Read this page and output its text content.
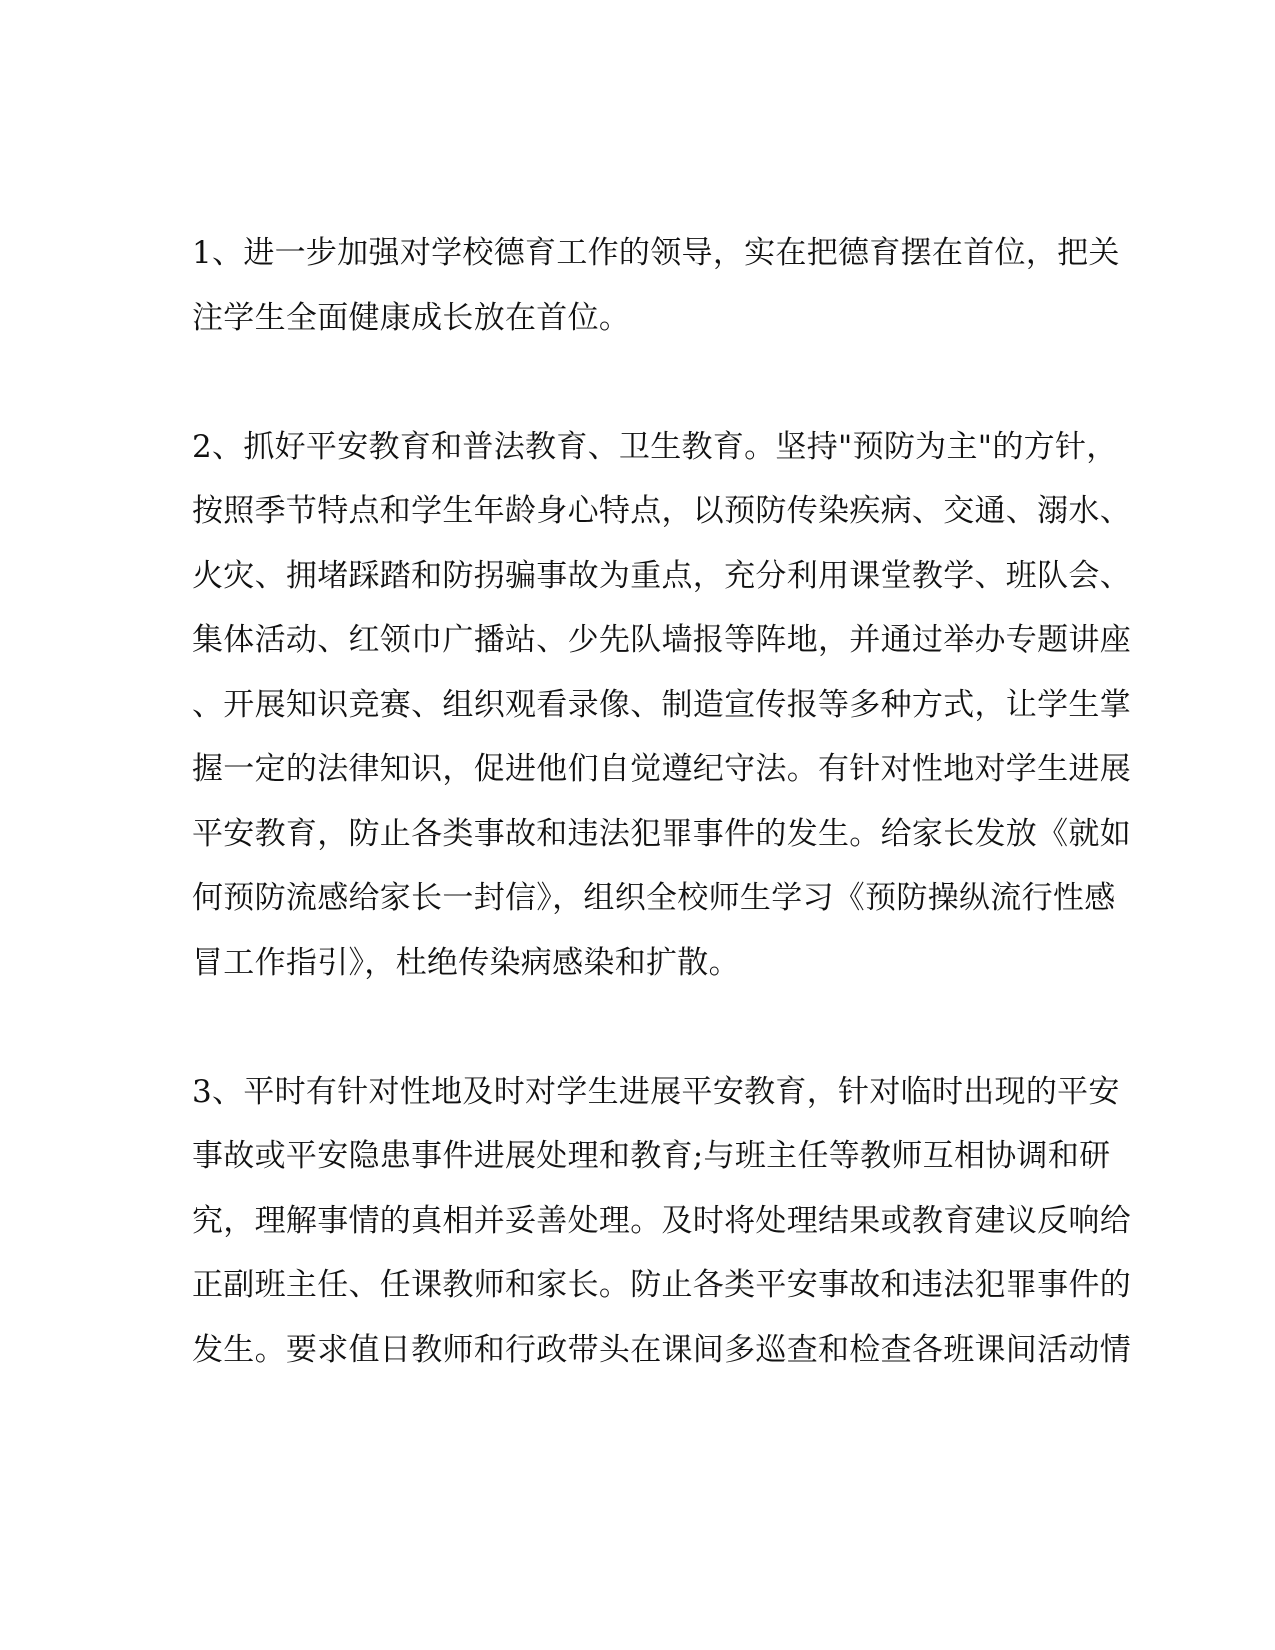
1、进一步加强对学校德育工作的领导，实在把德育摆在首位，把关
注学生全面健康成长放在首位。

2、抓好平安教育和普法教育、卫生教育。坚持"预防为主"的方针，
按照季节特点和学生年龄身心特点，以预防传染疾病、交通、溺水、
火灾、拥堵踩踏和防拐骗事故为重点，充分利用课堂教学、班队会、
集体活动、红领巾广播站、少先队墙报等阵地，并通过举办专题讲座
、开展知识竞赛、组织观看录像、制造宣传报等多种方式，让学生掌
握一定的法律知识，促进他们自觉遵纪守法。有针对性地对学生进展
平安教育，防止各类事故和违法犯罪事件的发生。给家长发放《就如
何预防流感给家长一封信》，组织全校师生学习《预防操纵流行性感
冒工作指引》，杜绝传染病感染和扩散。

3、平时有针对性地及时对学生进展平安教育，针对临时出现的平安
事故或平安隐患事件进展处理和教育;与班主任等教师互相协调和研
究，理解事情的真相并妥善处理。及时将处理结果或教育建议反响给
正副班主任、任课教师和家长。防止各类平安事故和违法犯罪事件的
发生。要求值日教师和行政带头在课间多巡查和检查各班课间活动情
